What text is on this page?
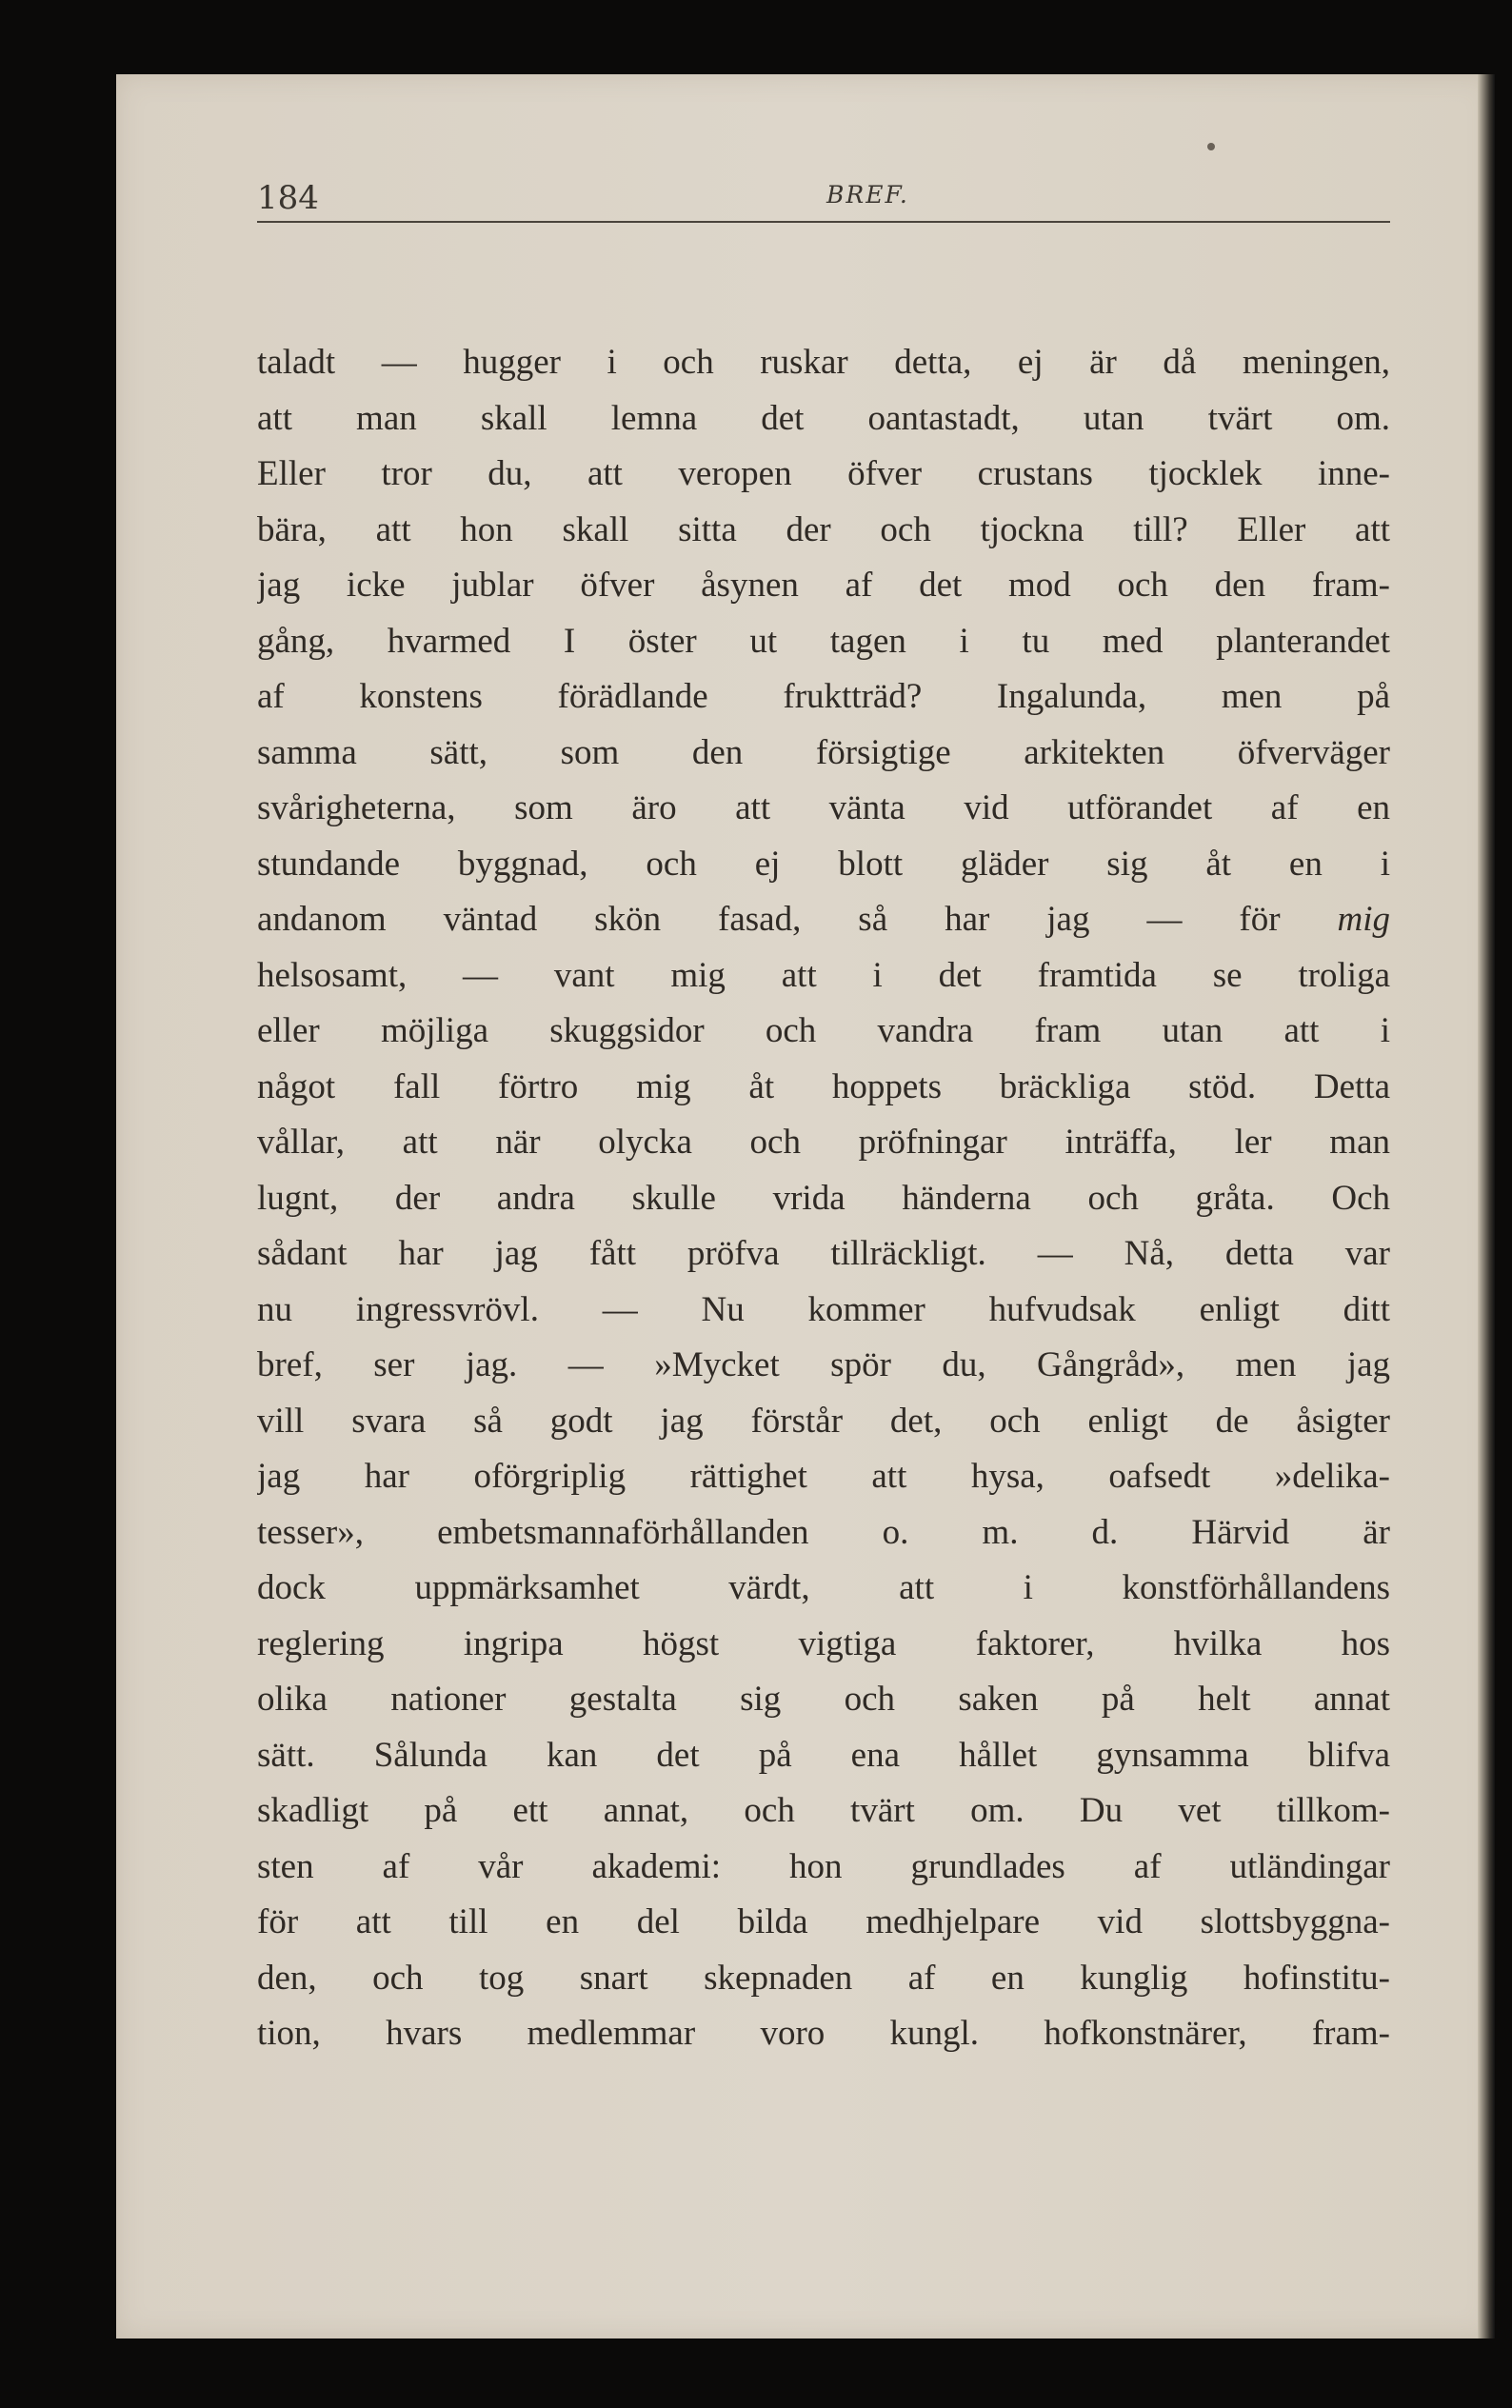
184	BREF.
taladt — hugger i och ruskar detta, ej är då meningen,
att man skall lemna det oantastadt, utan tvärt om.
Eller tror du, att veropen öfver crustans tjocklek inne-
bära, att hon skall sitta der och tjockna till? Eller att
jag icke jublar öfver åsynen af det mod och den fram-
gång, hvarmed I öster ut tagen i tu med planterandet
af konstens förädlande fruktträd? Ingalunda, men på
samma sätt, som den försigtige arkitekten öfverväger
svårigheterna, som äro att vänta vid utförandet af en
stundande byggnad, och ej blott gläder sig åt en i
andanom väntad skön fasad, så har jag — för mig
helsosamt, — vant mig att i det framtida se troliga
eller möjliga skuggsidor och vandra fram utan att i
något fall förtro mig åt hoppets bräckliga stöd. Detta
vållar, att när olycka och pröfningar inträffa, ler man
lugnt, der andra skulle vrida händerna och gråta. Och
sådant har jag fått pröfva tillräckligt. — Nå, detta var
nu ingressvrövl. — Nu kommer hufvudsak enligt ditt
bref, ser jag. — »Mycket spör du, Gångråd», men jag
vill svara så godt jag förstår det, och enligt de åsigter
jag har oförgriplig rättighet att hysa, oafsedt »delika-
tesser», embetsmannaförhållanden o. m. d. Härvid är
dock uppmärksamhet värdt, att i konstförhållandens
reglering ingripa högst vigtiga faktorer, hvilka hos
olika nationer gestalta sig och saken på helt annat
sätt. Sålunda kan det på ena hållet gynsamma blifva
skadligt på ett annat, och tvärt om. Du vet tillkom-
sten af vår akademi: hon grundlades af utländingar
för att till en del bilda medhjelpare vid slottsbyggna-
den, och tog snart skepnaden af en kunglig hofinstitu-
tion, hvars medlemmar voro kungl. hofkonstnärer, fram-
